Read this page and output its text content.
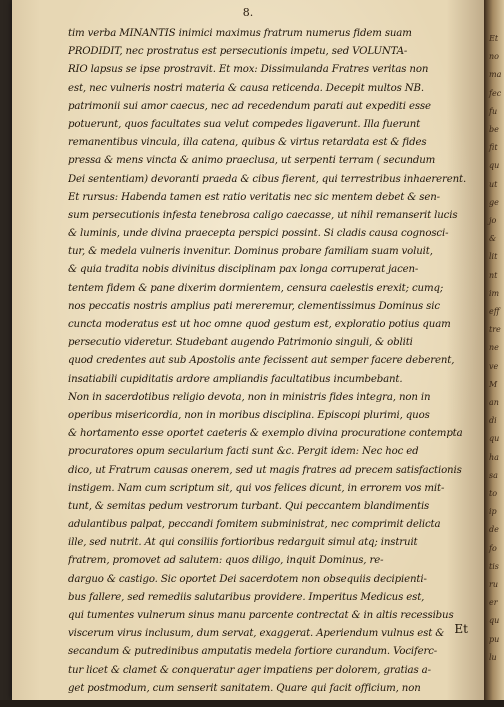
8.
tim verba MINANTIS inimici maximus fratrum numerus fidem suam
PRODIDIT, nec prostratus est persecutionis impetu, sed VOLUNTA-
RIO lapsus se ipse prostravit. Et mox: Dissimulanda Fratres veritas non
est, nec vulneris nostri materia & causa reticenda. Decepit multos NB.
patrimonii sui amor caecus, nec ad recedendum parati aut expediti esse
potuerunt, quos facultates sua velut compedes ligaverunt. Illa fuerunt
remanentibus vincula, illa catena, quibus & virtus retardata est & fides
pressa & mens vincta & animo praeclusa, ut serpenti terram ( secundum
Dei sententiam) devoranti praeda & cibus fierent, qui terrestribus inhaererent.
Et rursus: Habenda tamen est ratio veritatis nec sic mentem debet & sen-
sum persecutionis infesta tenebrosa caligo caecasse, ut nihil remanserit lucis
& luminis, unde divina praecepta perspici possint. Si cladis causa cognosci-
tur, & medela vulneris invenitur. Dominus probare familiam suam voluit,
& quia tradita nobis divinitus disciplinam pax longa corruperat jacen-
tentem fidem & pane dixerim dormientem, censura caelestis erexit; cumq;
nos peccatis nostris amplius pati mereremur, clementissimus Dominus sic
cuncta moderatus est ut hoc omne quod gestum est, exploratio potius quam
persecutio videretur. Studebant augendo Patrimonio singuli, & obliti
quod credentes aut sub Apostolis ante fecissent aut semper facere deberent,
insatiabili cupiditatis ardore ampliandis facultatibus incumbebant.
Non in sacerdotibus religio devota, non in ministris fides integra, non in
operibus misericordia, non in moribus disciplina. Episcopi plurimi, quos
& hortamento esse oportet caeteris & exemplo divina procuratione contempta
procuratores opum secularium facti sunt &c. Pergit idem: Nec hoc ed
dico, ut Fratrum causas onerem, sed ut magis fratres ad precem satisfactionis
instigem. Nam cum scriptum sit, qui vos felices dicunt, in errorem vos mit-
tunt, & semitas pedum vestrorum turbant. Qui peccantem blandimentis
adulantibus palpat, peccandi fomitem subministrat, nec comprimit delicta
ille, sed nutrit. At qui consiliis fortioribus redarguit simul atq; instruit
fratrem, promovet ad salutem: quos diligo, inquit Dominus, re-
darguo & castigo. Sic oportet Dei sacerdotem non obsequiis decipienti-
bus fallere, sed remediis salutaribus providere. Imperitus Medicus est,
qui tumentes vulnerum sinus manu parcente contrectat & in altis recessibus
viscerum virus inclusum, dum servat, exaggerat. Aperiendum vulnus est &
secandum & putredinibus amputatis medela fortiore curandum. Vociferc-
tur licet & clamet & conqueratur ager impatiens per dolorem, gratias a-
get postmodum, cum senserit sanitatem. Quare qui facit officium, non
Et
Et
no
ma
fec
fu
be
fit
qu
ut
ge
jo
&
lit
nt
im
eff
tre
ne
ve
M
an
di
qu
ha
sa
to
ip
de
fo
tis
ru
er
qu
pu
lu
